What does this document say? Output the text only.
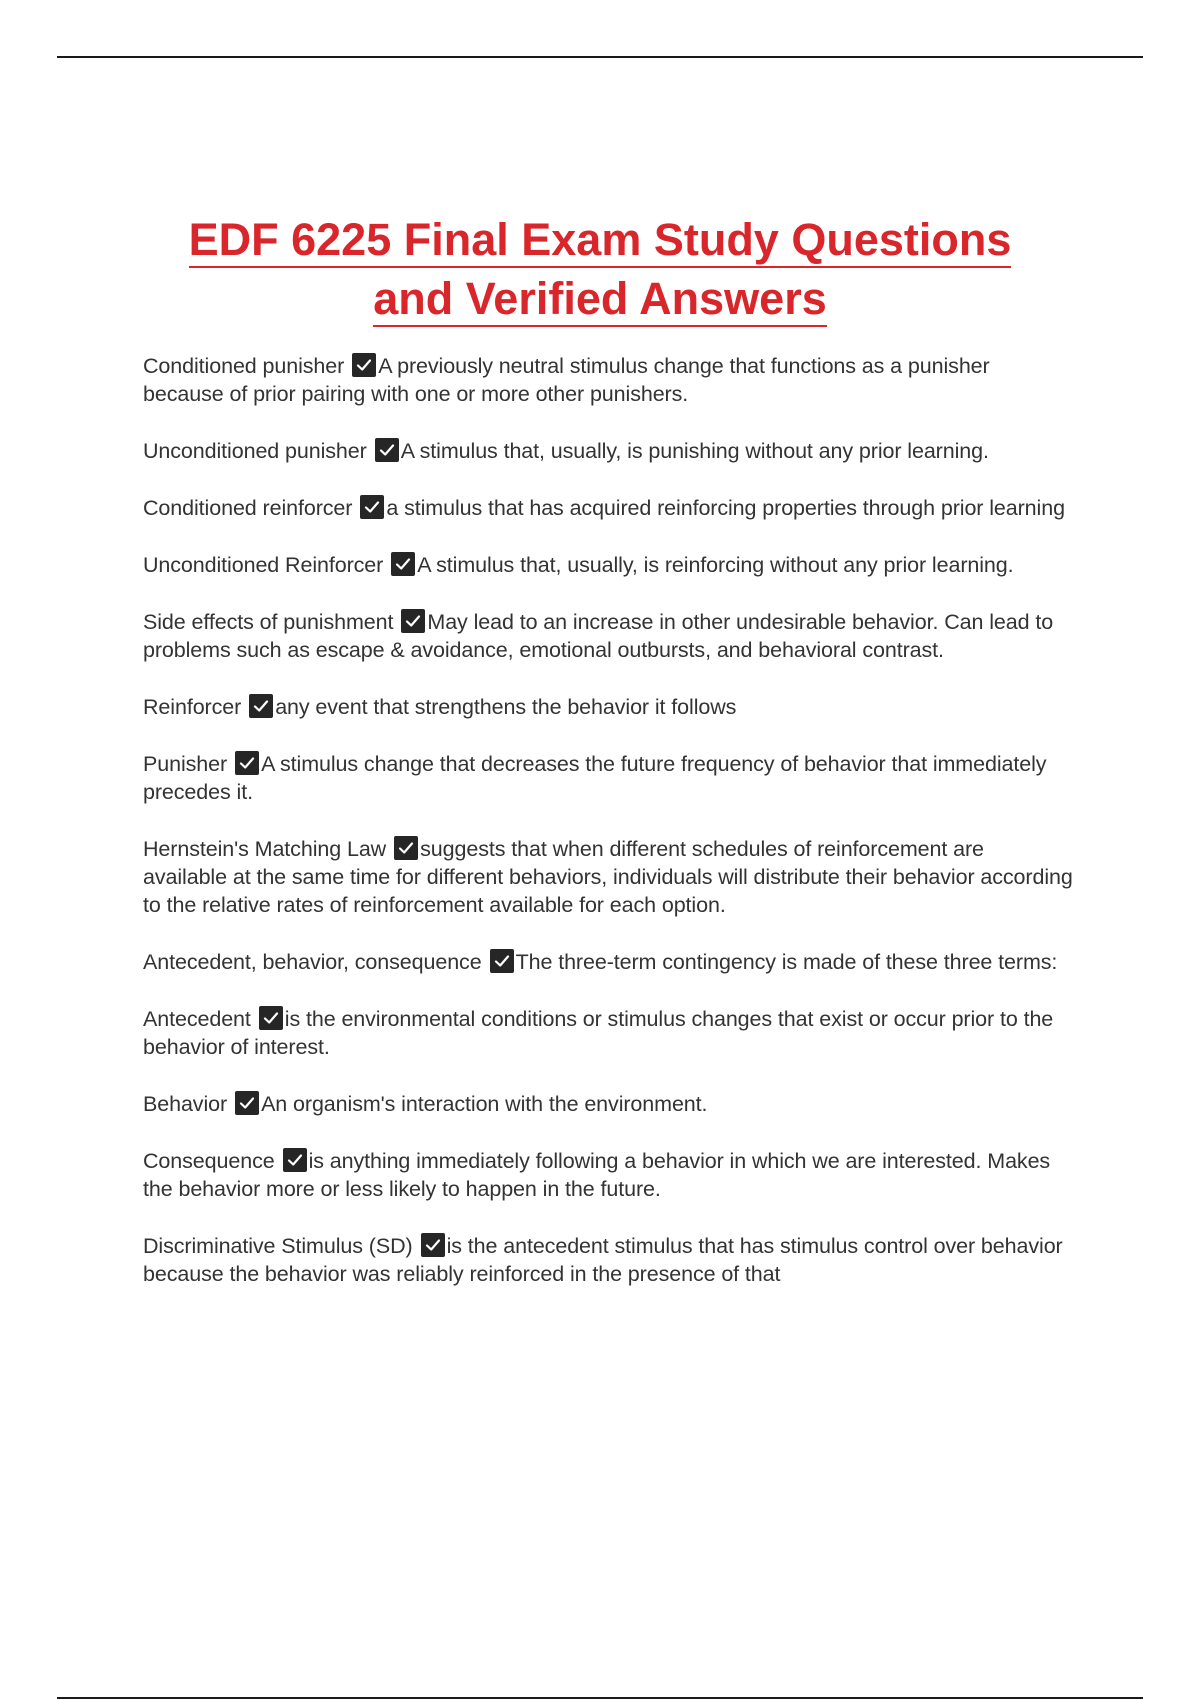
EDF 6225 Final Exam Study Questions
and Verified Answers

Conditioned punisher A previously neutral stimulus change that functions as a punisher because of prior pairing with one or more other punishers.

Unconditioned punisher A stimulus that, usually, is punishing without any prior learning.

Conditioned reinforcer a stimulus that has acquired reinforcing properties through prior learning

Unconditioned Reinforcer A stimulus that, usually, is reinforcing without any prior learning.

Side effects of punishment May lead to an increase in other undesirable behavior. Can lead to problems such as escape & avoidance, emotional outbursts, and behavioral contrast.

Reinforcer any event that strengthens the behavior it follows

Punisher A stimulus change that decreases the future frequency of behavior that immediately precedes it.

Hernstein's Matching Law suggests that when different schedules of reinforcement are available at the same time for different behaviors, individuals will distribute their behavior according to the relative rates of reinforcement available for each option.

Antecedent, behavior, consequence The three-term contingency is made of these three terms:

Antecedent is the environmental conditions or stimulus changes that exist or occur prior to the behavior of interest.

Behavior An organism's interaction with the environment.

Consequence is anything immediately following a behavior in which we are interested. Makes the behavior more or less likely to happen in the future.

Discriminative Stimulus (SD) is the antecedent stimulus that has stimulus control over behavior because the behavior was reliably reinforced in the presence of that
